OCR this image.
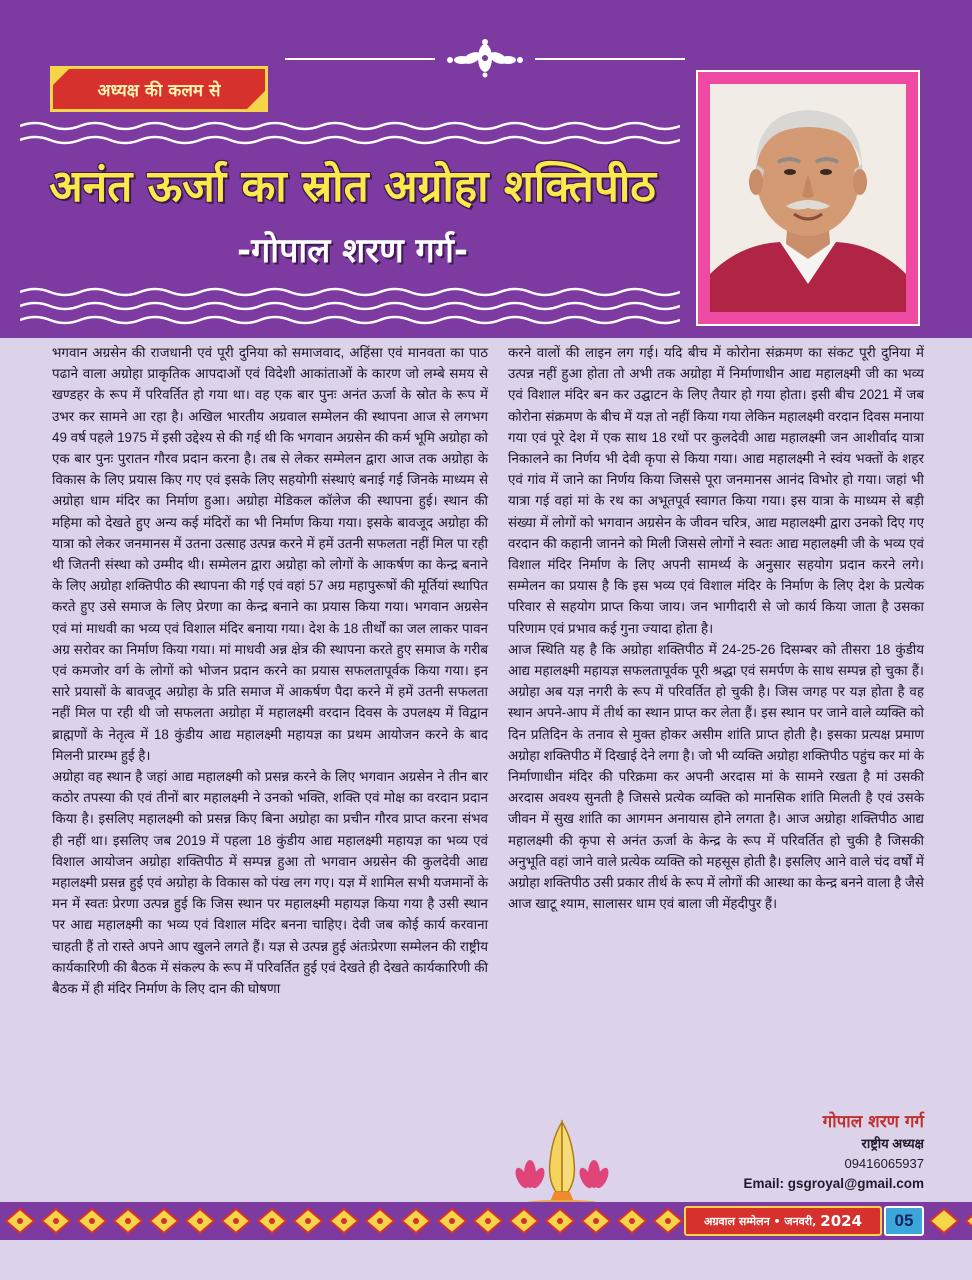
अध्यक्ष की कलम से
अनंत ऊर्जा का स्रोत अग्रोहा शक्तिपीठ
-गोपाल शरण गर्ग-

भगवान अग्रसेन की राजधानी एवं पूरी दुनिया को समाजवाद, अहिंसा एवं मानवता का पाठ पढाने वाला अग्रोहा प्राकृतिक आपदाओं एवं विदेशी आकांताओं के कारण जो लम्बे समय से खण्डहर के रूप में परिवर्तित हो गया था। वह एक बार पुनः अनंत ऊर्जा के स्रोत के रूप में उभर कर सामने आ रहा है। अखिल भारतीय अग्रवाल सम्मेलन की स्थापना आज से लगभग 49 वर्ष पहले 1975 में इसी उद्देश्य से की गई थी कि भगवान अग्रसेन की कर्म भूमि अग्रोहा को एक बार पुनः पुरातन गौरव प्रदान करना है। तब से लेकर सम्मेलन द्वारा आज तक अग्रोहा के विकास के लिए प्रयास किए गए एवं इसके लिए सहयोगी संस्थाएं बनाई गई जिनके माध्यम से अग्रोहा धाम मंदिर का निर्माण हुआ। अग्रोहा मेडिकल कॉलेज की स्थापना हुई। स्थान की महिमा को देखते हुए अन्य कई मंदिरों का भी निर्माण किया गया। इसके बावजूद अग्रोहा की यात्रा को लेकर जनमानस में उतना उत्साह उत्पन्न करने में हमें उतनी सफलता नहीं मिल पा रही थी जितनी संस्था को उम्मीद थी। सम्मेलन द्वारा अग्रोहा को लोगों के आकर्षण का केन्द्र बनाने के लिए अग्रोहा शक्तिपीठ की स्थापना की गई एवं वहां 57 अग्र महापुरूषों की मूर्तियां स्थापित करते हुए उसे समाज के लिए प्रेरणा का केन्द्र बनाने का प्रयास किया गया। भगवान अग्रसेन एवं मां माधवी का भव्य एवं विशाल मंदिर बनाया गया। देश के 18 तीर्थों का जल लाकर पावन अग्र सरोवर का निर्माण किया गया। मां माधवी अन्न क्षेत्र की स्थापना करते हुए समाज के गरीब एवं कमजोर वर्ग के लोगों को भोजन प्रदान करने का प्रयास सफलतापूर्वक किया गया। इन सारे प्रयासों के बावजूद अग्रोहा के प्रति समाज में आकर्षण पैदा करने में हमें उतनी सफलता नहीं मिल पा रही थी जो सफलता अग्रोहा में महालक्ष्मी वरदान दिवस के उपलक्ष्य में विद्वान ब्राह्मणों के नेतृत्व में 18 कुंडीय आद्य महालक्ष्मी महायज्ञ का प्रथम आयोजन करने के बाद मिलनी प्रारम्भ हुई है।

अग्रोहा वह स्थान है जहां आद्य महालक्ष्मी को प्रसन्न करने के लिए भगवान अग्रसेन ने तीन बार कठोर तपस्या की एवं तीनों बार महालक्ष्मी ने उनको भक्ति, शक्ति एवं मोक्ष का वरदान प्रदान किया है। इसलिए महालक्ष्मी को प्रसन्न किए बिना अग्रोहा का प्रचीन गौरव प्राप्त करना संभव ही नहीं था। इसलिए जब 2019 में पहला 18 कुंडीय आद्य महालक्ष्मी महायज्ञ का भव्य एवं विशाल आयोजन अग्रोहा शक्तिपीठ में सम्पन्न हुआ तो भगवान अग्रसेन की कुलदेवी आद्य महालक्ष्मी प्रसन्न हुई एवं अग्रोहा के विकास को पंख लग गए। यज्ञ में शामिल सभी यजमानों के मन में स्वतः प्रेरणा उत्पन्न हुई कि जिस स्थान पर महालक्ष्मी महायज्ञ किया गया है उसी स्थान पर आद्य महालक्ष्मी का भव्य एवं विशाल मंदिर बनना चाहिए। देवी जब कोई कार्य करवाना चाहती हैं तो रास्ते अपने आप खुलने लगते हैं। यज्ञ से उत्पन्न हुई अंतःप्रेरणा सम्मेलन की राष्ट्रीय कार्यकारिणी की बैठक में संकल्प के रूप में परिवर्तित हुई एवं देखते ही देखते कार्यकारिणी की बैठक में ही मंदिर निर्माण के लिए दान की घोषणा

करने वालों की लाइन लग गई। यदि बीच में कोरोना संक्रमण का संकट पूरी दुनिया में उत्पन्न नहीं हुआ होता तो अभी तक अग्रोहा में निर्माणाधीन आद्य महालक्ष्मी जी का भव्य एवं विशाल मंदिर बन कर उद्घाटन के लिए तैयार हो गया होता। इसी बीच 2021 में जब कोरोना संक्रमण के बीच में यज्ञ तो नहीं किया गया लेकिन महालक्ष्मी वरदान दिवस मनाया गया एवं पूरे देश में एक साथ 18 रथों पर कुलदेवी आद्य महालक्ष्मी जन आशीर्वाद यात्रा निकालने का निर्णय भी देवी कृपा से किया गया। आद्य महालक्ष्मी ने स्वंय भक्तों के शहर एवं गांव में जाने का निर्णय किया जिससे पूरा जनमानस आनंद विभोर हो गया। जहां भी यात्रा गई वहां मां के रथ का अभूतपूर्व स्वागत किया गया। इस यात्रा के माध्यम से बड़ी संख्या में लोगों को भगवान अग्रसेन के जीवन चरित्र, आद्य महालक्ष्मी द्वारा उनको दिए गए वरदान की कहानी जानने को मिली जिससे लोगों ने स्वतः आद्य महालक्ष्मी जी के भव्य एवं विशाल मंदिर निर्माण के लिए अपनी सामर्थ्य के अनुसार सहयोग प्रदान करने लगे। सम्मेलन का प्रयास है कि इस भव्य एवं विशाल मंदिर के निर्माण के लिए देश के प्रत्येक परिवार से सहयोग प्राप्त किया जाय। जन भागीदारी से जो कार्य किया जाता है उसका परिणाम एवं प्रभाव कई गुना ज्यादा होता है।

आज स्थिति यह है कि अग्रोहा शक्तिपीठ में 24-25-26 दिसम्बर को तीसरा 18 कुंडीय आद्य महालक्ष्मी महायज्ञ सफलतापूर्वक पूरी श्रद्धा एवं समर्पण के साथ सम्पन्न हो चुका हैं। अग्रोहा अब यज्ञ नगरी के रूप में परिवर्तित हो चुकी है। जिस जगह पर यज्ञ होता है वह स्थान अपने-आप में तीर्थ का स्थान प्राप्त कर लेता हैं। इस स्थान पर जाने वाले व्यक्ति को दिन प्रतिदिन के तनाव से मुक्त होकर असीम शांति प्राप्त होती है। इसका प्रत्यक्ष प्रमाण अग्रोहा शक्तिपीठ में दिखाई देने लगा है। जो भी व्यक्ति अग्रोहा शक्तिपीठ पहुंच कर मां के निर्माणाधीन मंदिर की परिक्रमा कर अपनी अरदास मां के सामने रखता है मां उसकी अरदास अवश्य सुनती है जिससे प्रत्येक व्यक्ति को मानसिक शांति मिलती है एवं उसके जीवन में सुख शांति का आगमन अनायास होने लगता है। आज अग्रोहा शक्तिपीठ आद्य महालक्ष्मी की कृपा से अनंत ऊर्जा के केन्द्र के रूप में परिवर्तित हो चुकी है जिसकी अनुभूति वहां जाने वाले प्रत्येक व्यक्ति को महसूस होती है। इसलिए आने वाले चंद वर्षों में अग्रोहा शक्तिपीठ उसी प्रकार तीर्थ के रूप में लोगों की आस्था का केन्द्र बनने वाला है जैसे आज खाटू श्याम, सालासर धाम एवं बाला जी मेंहदीपुर हैं।

गोपाल शरण गर्ग
राष्ट्रीय अध्यक्ष
09416065937
Email: gsgroyal@gmail.com
अग्रवाल सम्मेलन • जनवरी, 2024	05
